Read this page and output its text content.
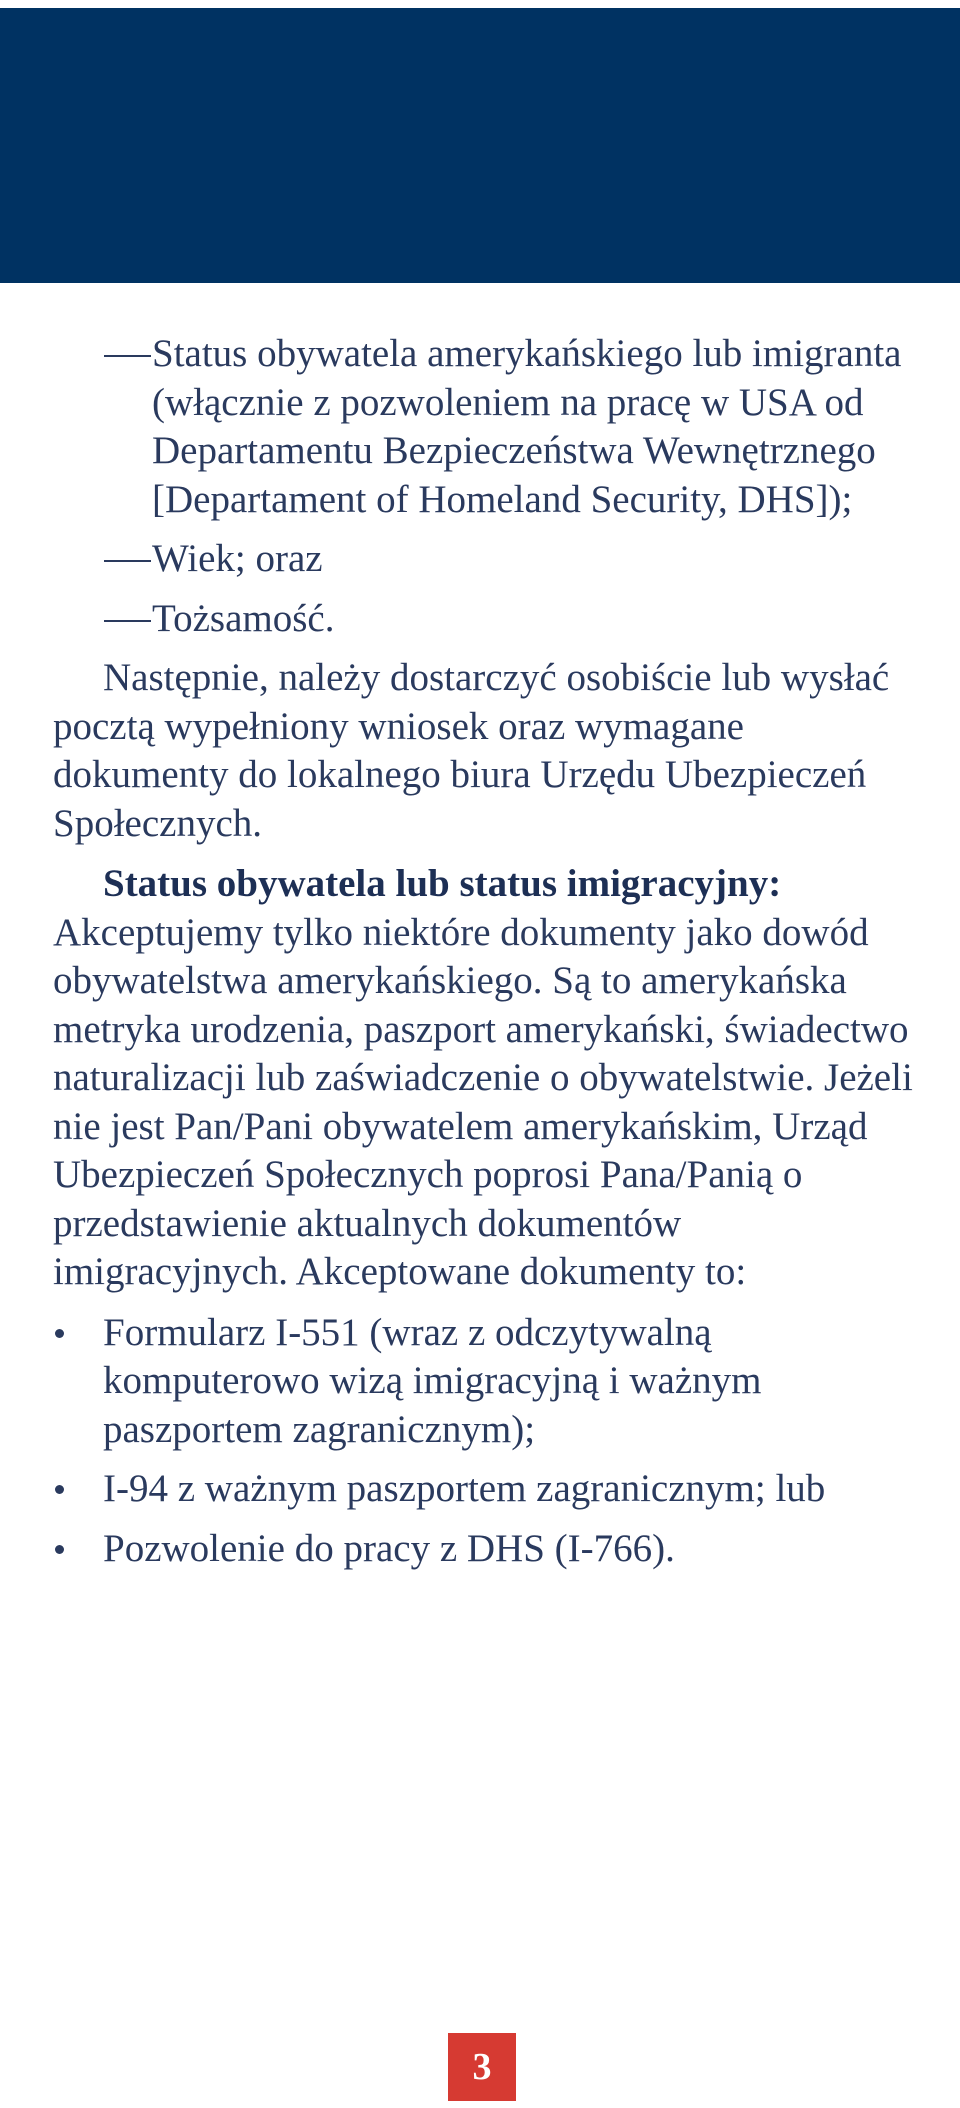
Status obywatela amerykańskiego lub imigranta (włącznie z pozwoleniem na pracę w USA od Departamentu Bezpieczeństwa Wewnętrznego [Departament of Homeland Security, DHS]);
Wiek; oraz
Tożsamość.

Następnie, należy dostarczyć osobiście lub wysłać pocztą wypełniony wniosek oraz wymagane dokumenty do lokalnego biura Urzędu Ubezpieczeń Społecznych.

Status obywatela lub status imigracyjny: Akceptujemy tylko niektóre dokumenty jako dowód obywatelstwa amerykańskiego. Są to amerykańska metryka urodzenia, paszport amerykański, świadectwo naturalizacji lub zaświadczenie o obywatelstwie. Jeżeli nie jest Pan/Pani obywatelem amerykańskim, Urząd Ubezpieczeń Społecznych poprosi Pana/Panią o przedstawienie aktualnych dokumentów imigracyjnych. Akceptowane dokumenty to:

Formularz I-551 (wraz z odczytywalną komputerowo wizą imigracyjną i ważnym paszportem zagranicznym);
I-94 z ważnym paszportem zagranicznym; lub
Pozwolenie do pracy z DHS (I-766).
3
